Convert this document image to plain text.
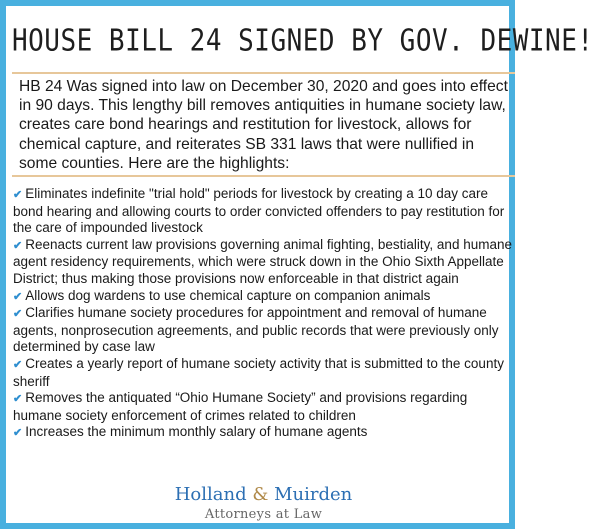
HOUSE BILL 24 SIGNED BY GOV. DEWINE!

HB 24 Was signed into law on December 30, 2020 and goes into effect in 90 days. This lengthy bill removes antiquities in humane society law, creates care bond hearings and restitution for livestock, allows for chemical capture, and reiterates SB 331 laws that were nullified in some counties. Here are the highlights:

✔ Eliminates indefinite "trial hold" periods for livestock by creating a 10 day care bond hearing and allowing courts to order convicted offenders to pay restitution for the care of impounded livestock
✔ Reenacts current law provisions governing animal fighting, bestiality, and humane agent residency requirements, which were struck down in the Ohio Sixth Appellate District; thus making those provisions now enforceable in that district again
✔ Allows dog wardens to use chemical capture on companion animals
✔ Clarifies humane society procedures for appointment and removal of humane agents, nonprosecution agreements, and public records that were previously only determined by case law
✔ Creates a yearly report of humane society activity that is submitted to the county sheriff
✔ Removes the antiquated “Ohio Humane Society” and provisions regarding humane society enforcement of crimes related to children
✔ Increases the minimum monthly salary of humane agents
Holland & Muirden
Attorneys at Law
